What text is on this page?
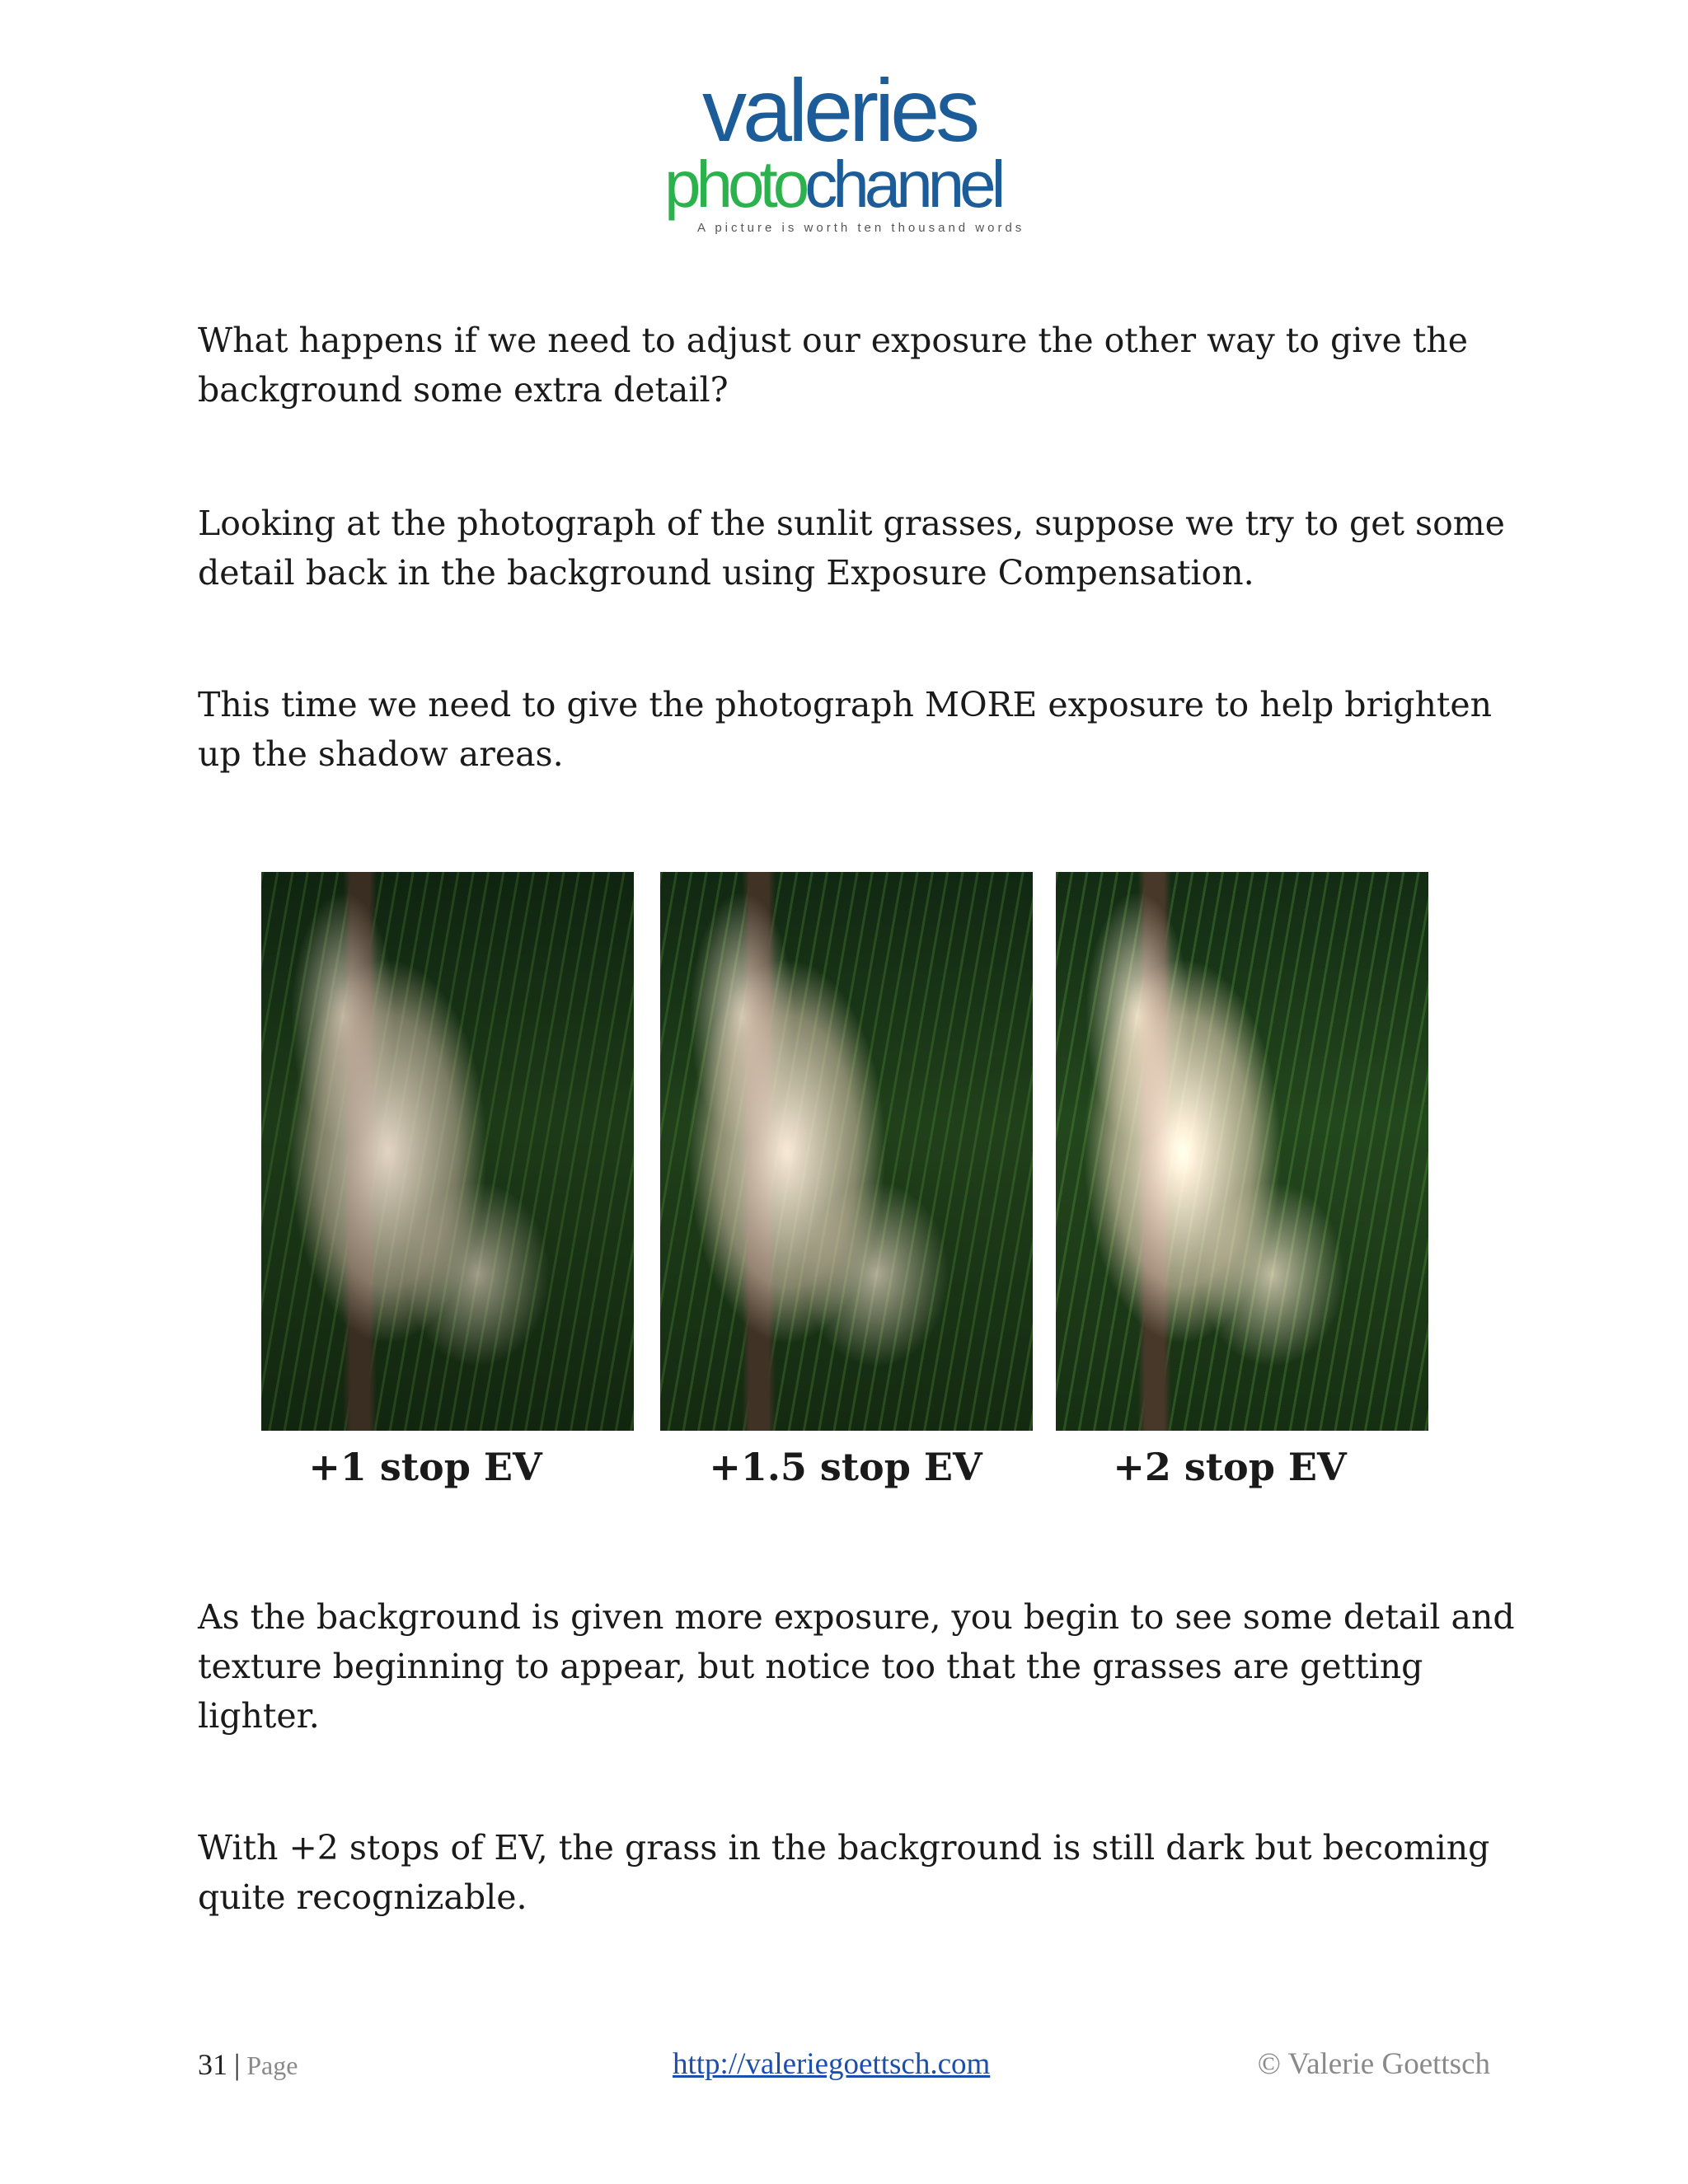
valeries
photochannel
A picture is worth ten thousand words

What happens if we need to adjust our exposure the other way to give the background some extra detail?

Looking at the photograph of the sunlit grasses, suppose we try to get some detail back in the background using Exposure Compensation.

This time we need to give the photograph MORE exposure to help brighten up the shadow areas.

+1 stop EV	+1.5 stop EV	+2 stop EV

As the background is given more exposure, you begin to see some detail and texture beginning to appear, but notice too that the grasses are getting lighter.

With +2 stops of EV, the grass in the background is still dark but becoming quite recognizable.

31 | Page	http://valeriegoettsch.com	© Valerie Goettsch
